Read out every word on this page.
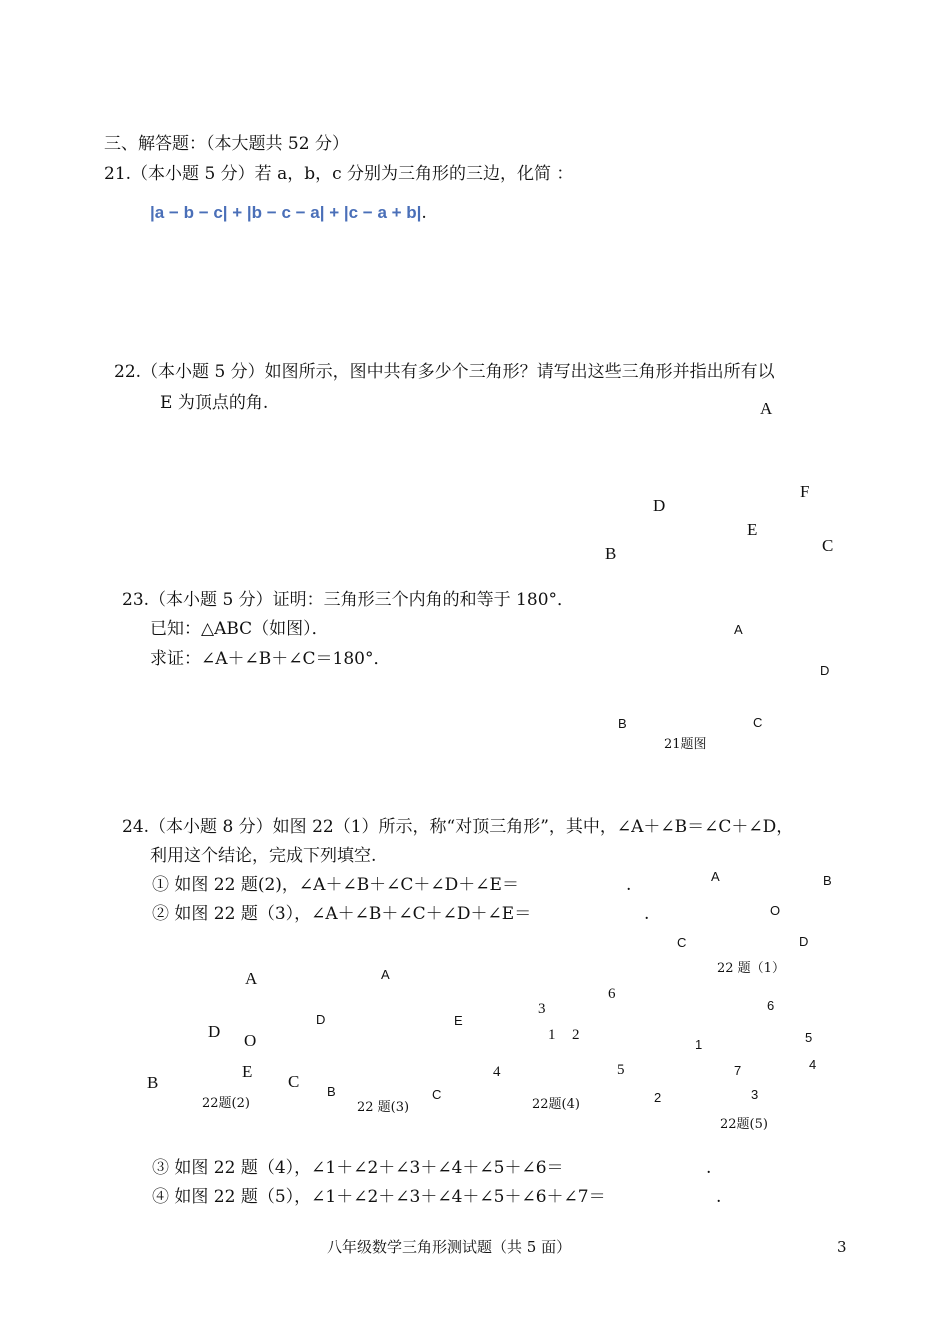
三、解答题：（本大题共 52 分）
21.（本小题 5 分）若 a，b，c 分别为三角形的三边，化简 ：
|a − b − c| + |b − c − a| + |c − a + b|.
22.（本小题 5 分）如图所示，图中共有多少个三角形？请写出这些三角形并指出所有以
E 为顶点的角.	A
F
D
E
C
B
23.（本小题 5 分）证明：三角形三个内角的和等于 180°．
已知：△ABC（如图）．
求证：∠A＋∠B＋∠C＝180°．
A
D
B	C
21题图
24.（本小题 8 分）如图 22（1）所示，称“对顶三角形”，其中，∠A＋∠B＝∠C＋∠D，
利用这个结论，完成下列填空.
① 如图 22 题(2)，∠A＋∠B＋∠C＋∠D＋∠E＝	.
② 如图 22 题（3），∠A＋∠B＋∠C＋∠D＋∠E＝	.
A	B
O
C	D
22 题（1）
A
D O
E
B	C
22题(2)
A
D	E
B	C
22 题(3)
6
3
1 2
4	5
22题(4)
6
5
1
4
7
2	3
22题(5)
③ 如图 22 题（4），∠1＋∠2＋∠3＋∠4＋∠5＋∠6＝	.
④ 如图 22 题（5），∠1＋∠2＋∠3＋∠4＋∠5＋∠6＋∠7＝	.
八年级数学三角形测试题（共 5 面）	3
